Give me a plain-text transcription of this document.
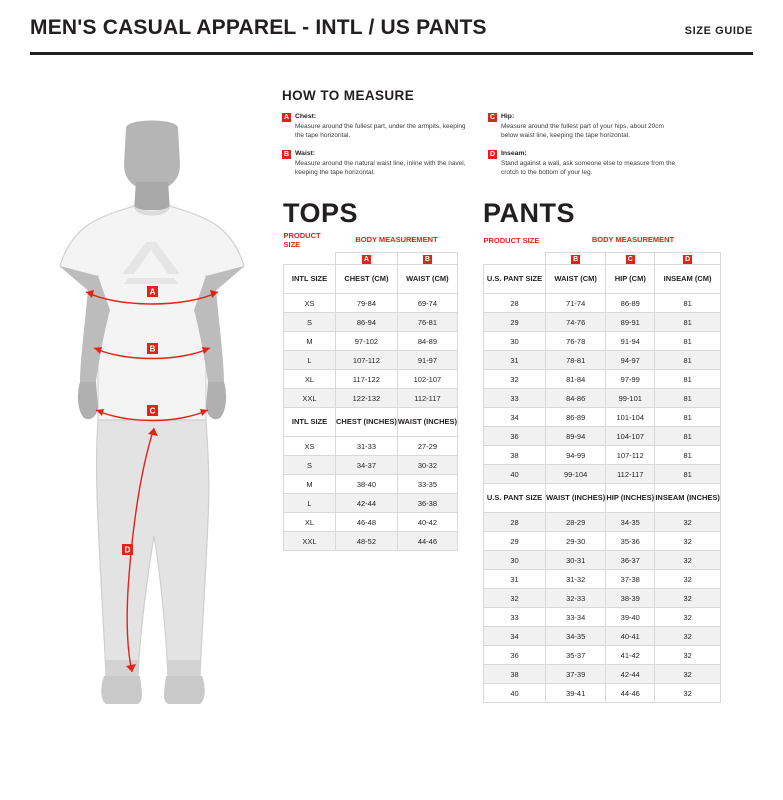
MEN'S CASUAL APPAREL - INTL / US PANTS	SIZE GUIDE
A
B
C
D
HOW TO MEASURE
A Chest:
Measure around the fullest part, under the armpits, keeping the tape horizontal.
B Waist:
Measure around the natural waist line, inline with the navel, keeping the tape horizontal.
C Hip:
Measure around the fullest part of your hips, about 20cm below waist line, keeping the tape horizontal.
D Inseam:
Stand against a wall, ask someone else to measure from the crotch to the bottom of your leg.
TOPS
PRODUCT SIZE	BODY MEASUREMENT	
	A	B
INTL SIZE	CHEST (CM)	WAIST (CM)
XS	79-84	69-74
S	86-94	76-81
M	97-102	84-89
L	107-112	91-97
XL	117-122	102-107
XXL	122-132	112-117
INTL SIZE	CHEST (INCHES)	WAIST (INCHES)
XS	31-33	27-29
S	34-37	30-32
M	38-40	33-35
L	42-44	36-38
XL	46-48	40-42
XXL	48-52	44-46
PANTS
PRODUCT SIZE	BODY MEASUREMENT		
	B	C	D
U.S. PANT SIZE	WAIST (CM)	HIP (CM)	INSEAM (CM)
28	71-74	86-89	81
29	74-76	89-91	81
30	76-78	91-94	81
31	78-81	94-97	81
32	81-84	97-99	81
33	84-86	99-101	81
34	86-89	101-104	81
36	89-94	104-107	81
38	94-99	107-112	81
40	99-104	112-117	81
U.S. PANT SIZE	WAIST (INCHES)	HIP (INCHES)	INSEAM (INCHES)
28	28-29	34-35	32
29	29-30	35-36	32
30	30-31	36-37	32
31	31-32	37-38	32
32	32-33	38-39	32
33	33-34	39-40	32
34	34-35	40-41	32
36	35-37	41-42	32
38	37-39	42-44	32
40	39-41	44-46	32
